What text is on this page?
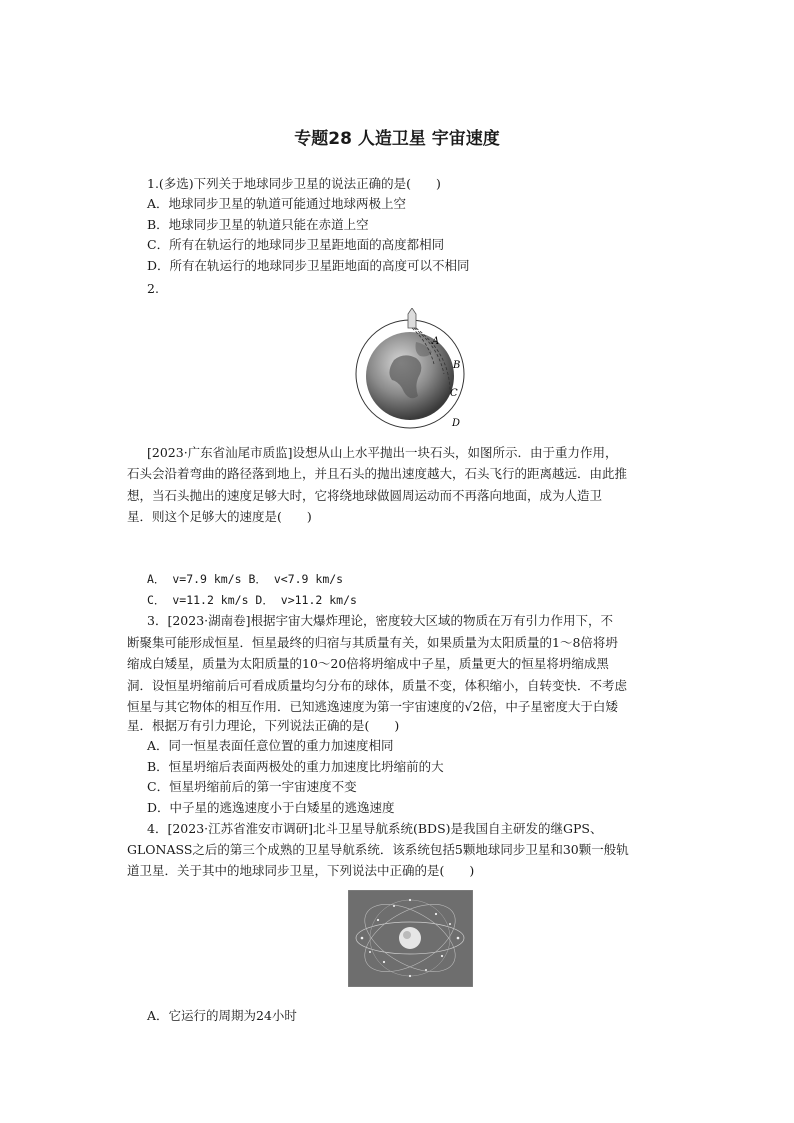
专题28 人造卫星 宇宙速度
1.(多选)下列关于地球同步卫星的说法正确的是(　　)
A．地球同步卫星的轨道可能通过地球两极上空
B．地球同步卫星的轨道只能在赤道上空
C．所有在轨运行的地球同步卫星距地面的高度都相同
D．所有在轨运行的地球同步卫星距地面的高度可以不相同
2.
A
B
C
D
[2023·广东省汕尾市质监]设想从山上水平抛出一块石头，如图所示．由于重力作用，
石头会沿着弯曲的路径落到地上，并且石头的抛出速度越大，石头飞行的距离越远．由此推
想，当石头抛出的速度足够大时，它将绕地球做圆周运动而不再落向地面，成为人造卫
星．则这个足够大的速度是(　　)
A． v=7.9 km/s B． v<7.9 km/s
C． v=11.2 km/s D． v>11.2 km/s
3．[2023·湖南卷]根据宇宙大爆炸理论，密度较大区域的物质在万有引力作用下，不
断聚集可能形成恒星．恒星最终的归宿与其质量有关，如果质量为太阳质量的1～8倍将坍
缩成白矮星，质量为太阳质量的10～20倍将坍缩成中子星，质量更大的恒星将坍缩成黑
洞．设恒星坍缩前后可看成质量均匀分布的球体，质量不变，体积缩小，自转变快．不考虑
恒星与其它物体的相互作用．已知逃逸速度为第一宇宙速度的√2倍，中子星密度大于白矮
星．根据万有引力理论，下列说法正确的是(　　)
A．同一恒星表面任意位置的重力加速度相同
B．恒星坍缩后表面两极处的重力加速度比坍缩前的大
C．恒星坍缩前后的第一宇宙速度不变
D．中子星的逃逸速度小于白矮星的逃逸速度
4．[2023·江苏省淮安市调研]北斗卫星导航系统(BDS)是我国自主研发的继GPS、
GLONASS之后的第三个成熟的卫星导航系统．该系统包括5颗地球同步卫星和30颗一般轨
道卫星．关于其中的地球同步卫星，下列说法中正确的是(　　)
A．它运行的周期为24小时
